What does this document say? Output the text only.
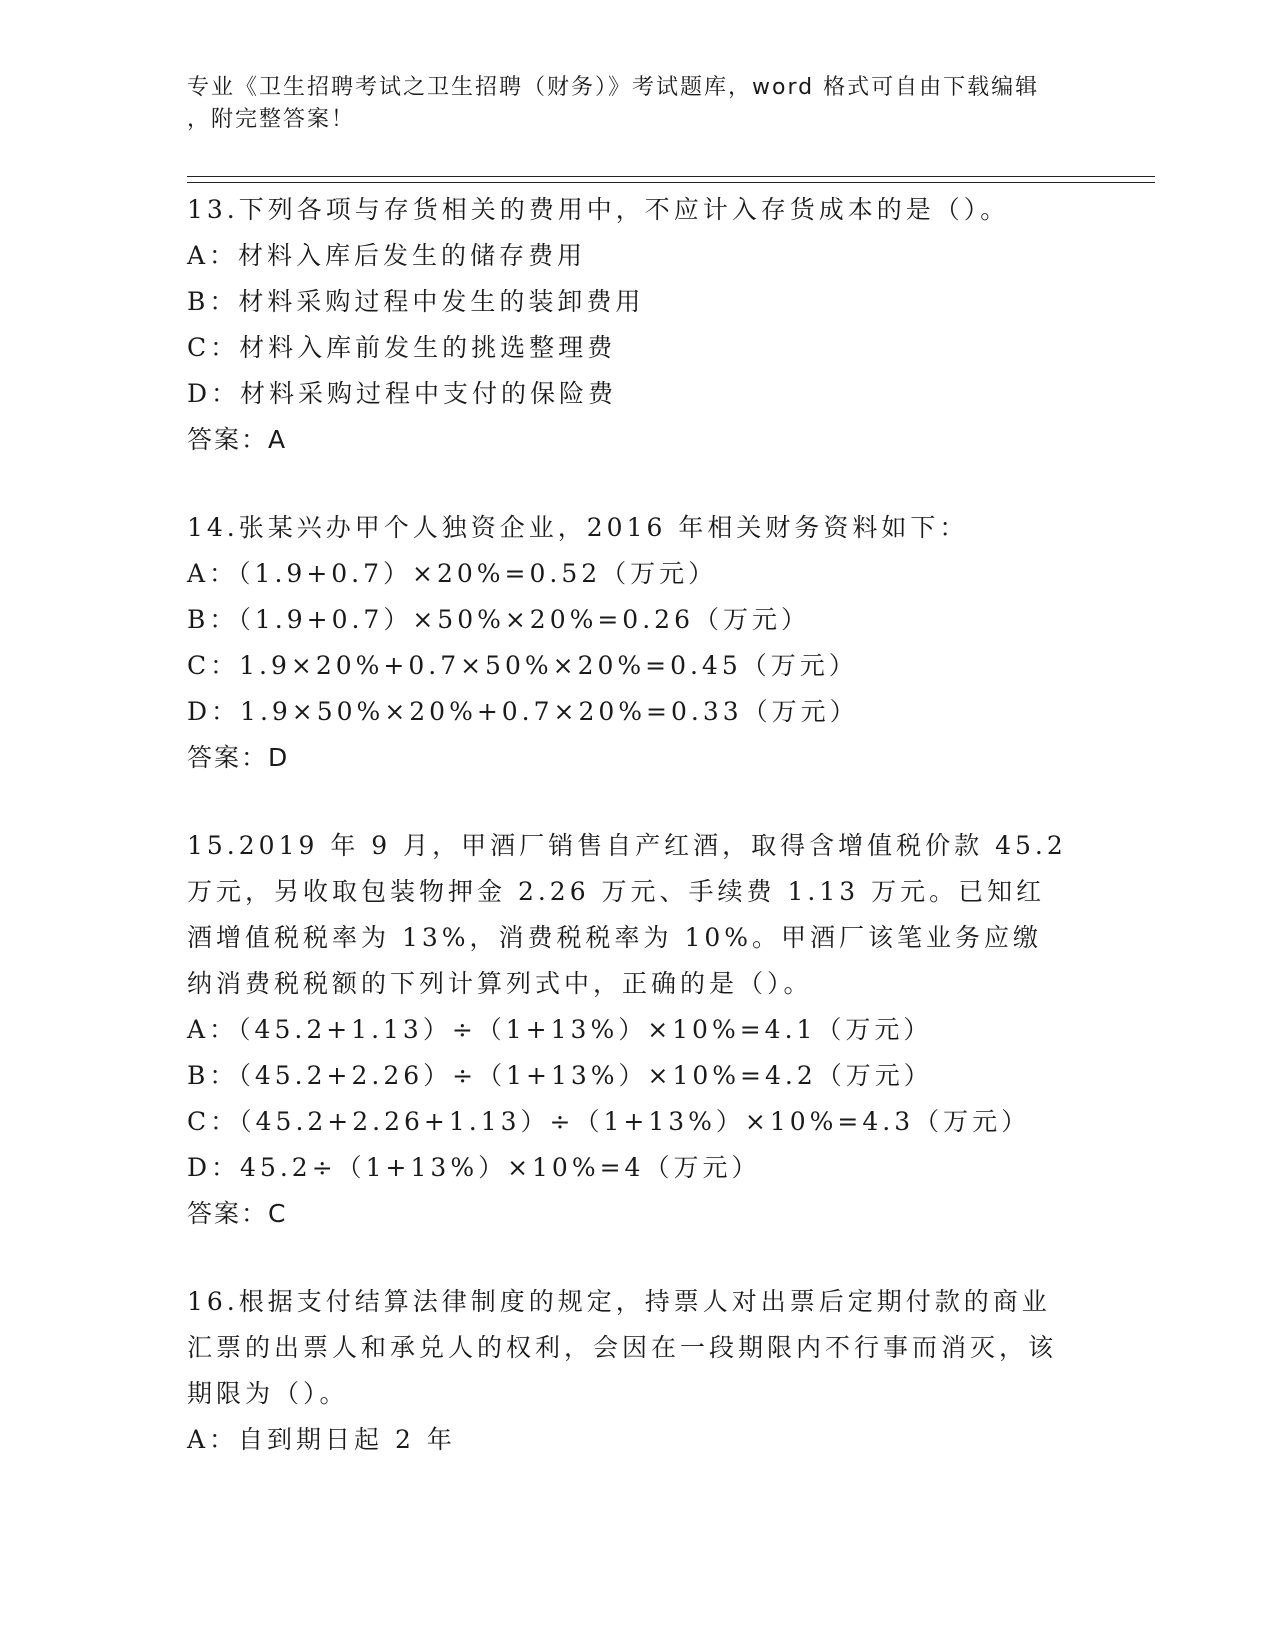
专业《卫生招聘考试之卫生招聘（财务）》考试题库，word 格式可自由下载编辑
，附完整答案！

13.下列各项与存货相关的费用中，不应计入存货成本的是（）。

A：材料入库后发生的储存费用

B：材料采购过程中发生的装卸费用

C：材料入库前发生的挑选整理费

D：材料采购过程中支付的保险费

答案：A

14.张某兴办甲个人独资企业，2016 年相关财务资料如下：

A：（1.9+0.7）×20%=0.52（万元）

B：（1.9+0.7）×50%×20%=0.26（万元）

C：1.9×20%+0.7×50%×20%=0.45（万元）

D：1.9×50%×20%+0.7×20%=0.33（万元）

答案：D

15.2019 年 9 月，甲酒厂销售自产红酒，取得含增值税价款 45.2 万元，另收取包装物押金 2.26 万元、手续费 1.13 万元。已知红酒增值税税率为 13%，消费税税率为 10%。甲酒厂该笔业务应缴纳消费税税额的下列计算列式中，正确的是（）。

A：（45.2+1.13）÷（1+13%）×10%=4.1（万元）

B：（45.2+2.26）÷（1+13%）×10%=4.2（万元）

C：（45.2+2.26+1.13）÷（1+13%）×10%=4.3（万元）

D：45.2÷（1+13%）×10%=4（万元）

答案：C

16.根据支付结算法律制度的规定，持票人对出票后定期付款的商业汇票的出票人和承兑人的权利，会因在一段期限内不行事而消灭，该期限为（）。

A：自到期日起 2 年
